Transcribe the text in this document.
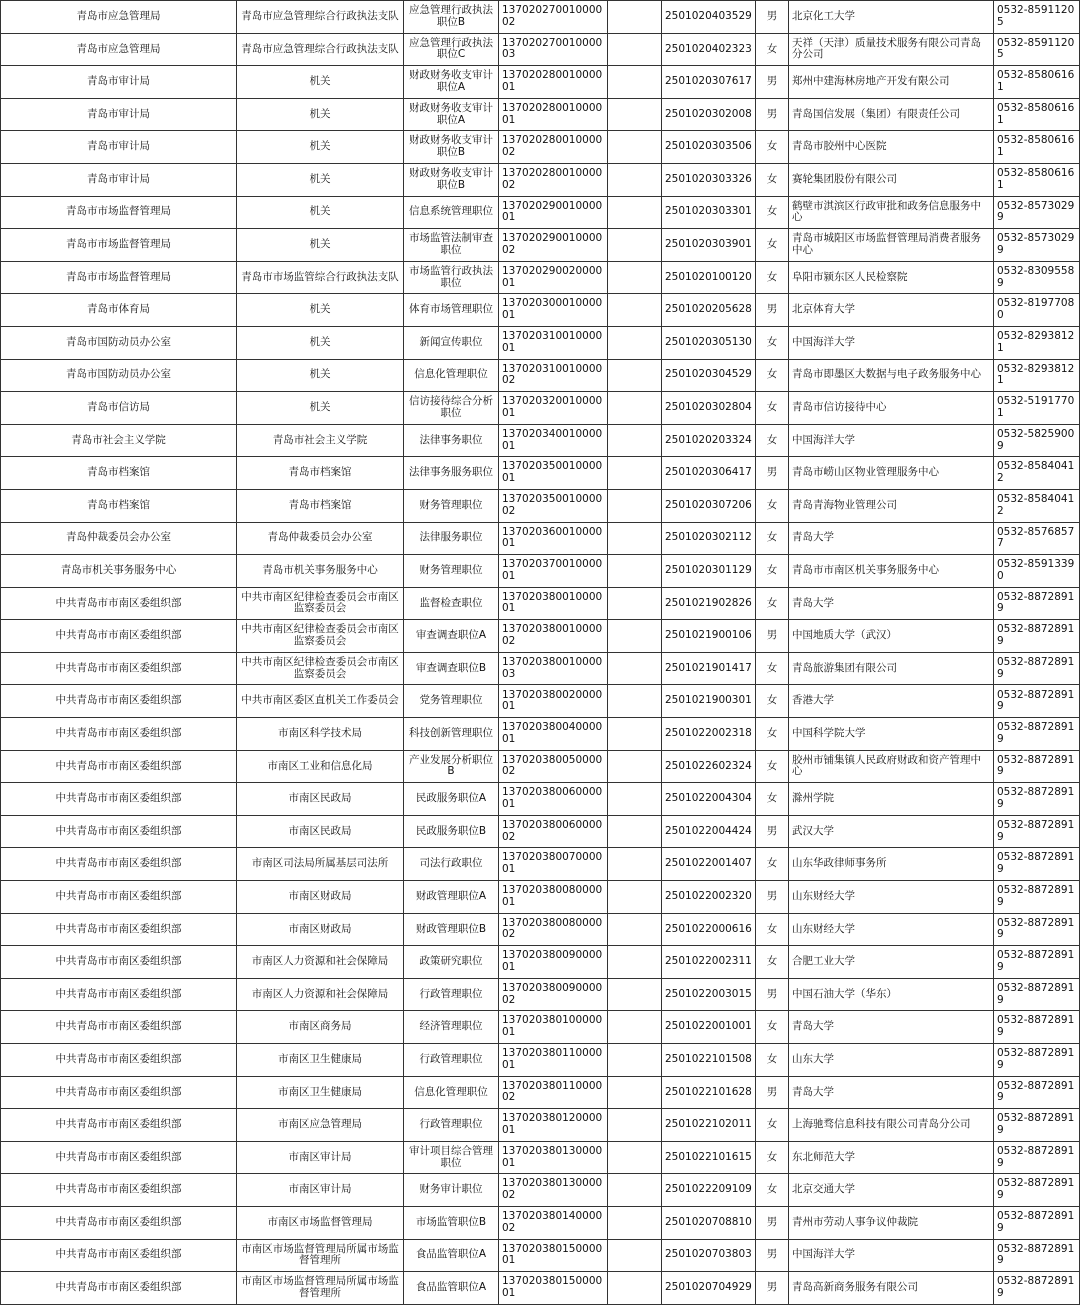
青岛市应急管理局	青岛市应急管理综合行政执法支队	应急管理行政执法职位B	13702027001000002		2501020403529	男	北京化工大学	0532-85911205
青岛市应急管理局	青岛市应急管理综合行政执法支队	应急管理行政执法职位C	13702027001000003		2501020402323	女	天祥（天津）质量技术服务有限公司青岛分公司	0532-85911205
青岛市审计局	机关	财政财务收支审计职位A	13702028001000001		2501020307617	男	郑州中建海林房地产开发有限公司	0532-85806161
青岛市审计局	机关	财政财务收支审计职位A	13702028001000001		2501020302008	男	青岛国信发展（集团）有限责任公司	0532-85806161
青岛市审计局	机关	财政财务收支审计职位B	13702028001000002		2501020303506	女	青岛市胶州中心医院	0532-85806161
青岛市审计局	机关	财政财务收支审计职位B	13702028001000002		2501020303326	女	赛轮集团股份有限公司	0532-85806161
青岛市市场监督管理局	机关	信息系统管理职位	13702029001000001		2501020303301	女	鹤壁市淇滨区行政审批和政务信息服务中心	0532-85730299
青岛市市场监督管理局	机关	市场监管法制审查职位	13702029001000002		2501020303901	女	青岛市城阳区市场监督管理局消费者服务中心	0532-85730299
青岛市市场监督管理局	青岛市市场监管综合行政执法支队	市场监管行政执法职位	13702029002000001		2501020100120	女	阜阳市颍东区人民检察院	0532-83095589
青岛市体育局	机关	体育市场管理职位	13702030001000001		2501020205628	男	北京体育大学	0532-81977080
青岛市国防动员办公室	机关	新闻宣传职位	13702031001000001		2501020305130	女	中国海洋大学	0532-82938121
青岛市国防动员办公室	机关	信息化管理职位	13702031001000002		2501020304529	女	青岛市即墨区大数据与电子政务服务中心	0532-82938121
青岛市信访局	机关	信访接待综合分析职位	13702032001000001		2501020302804	女	青岛市信访接待中心	0532-51917701
青岛市社会主义学院	青岛市社会主义学院	法律事务职位	13702034001000001		2501020203324	女	中国海洋大学	0532-58259009
青岛市档案馆	青岛市档案馆	法律事务服务职位	13702035001000001		2501020306417	男	青岛市崂山区物业管理服务中心	0532-85840412
青岛市档案馆	青岛市档案馆	财务管理职位	13702035001000002		2501020307206	女	青岛青海物业管理公司	0532-85840412
青岛仲裁委员会办公室	青岛仲裁委员会办公室	法律服务职位	13702036001000001		2501020302112	女	青岛大学	0532-85768577
青岛市机关事务服务中心	青岛市机关事务服务中心	财务管理职位	13702037001000001		2501020301129	女	青岛市市南区机关事务服务中心	0532-85913390
中共青岛市市南区委组织部	中共市南区纪律检查委员会市南区监察委员会	监督检查职位	13702038001000001		2501021902826	女	青岛大学	0532-88728919
中共青岛市市南区委组织部	中共市南区纪律检查委员会市南区监察委员会	审查调查职位A	13702038001000002		2501021900106	男	中国地质大学（武汉）	0532-88728919
中共青岛市市南区委组织部	中共市南区纪律检查委员会市南区监察委员会	审查调查职位B	13702038001000003		2501021901417	女	青岛旅游集团有限公司	0532-88728919
中共青岛市市南区委组织部	中共市南区委区直机关工作委员会	党务管理职位	13702038002000001		2501021900301	女	香港大学	0532-88728919
中共青岛市市南区委组织部	市南区科学技术局	科技创新管理职位	13702038004000001		2501022002318	女	中国科学院大学	0532-88728919
中共青岛市市南区委组织部	市南区工业和信息化局	产业发展分析职位B	13702038005000002		2501022602324	女	胶州市铺集镇人民政府财政和资产管理中心	0532-88728919
中共青岛市市南区委组织部	市南区民政局	民政服务职位A	13702038006000001		2501022004304	女	滁州学院	0532-88728919
中共青岛市市南区委组织部	市南区民政局	民政服务职位B	13702038006000002		2501022004424	男	武汉大学	0532-88728919
中共青岛市市南区委组织部	市南区司法局所属基层司法所	司法行政职位	13702038007000001		2501022001407	女	山东华政律师事务所	0532-88728919
中共青岛市市南区委组织部	市南区财政局	财政管理职位A	13702038008000001		2501022002320	男	山东财经大学	0532-88728919
中共青岛市市南区委组织部	市南区财政局	财政管理职位B	13702038008000002		2501022000616	女	山东财经大学	0532-88728919
中共青岛市市南区委组织部	市南区人力资源和社会保障局	政策研究职位	13702038009000001		2501022002311	女	合肥工业大学	0532-88728919
中共青岛市市南区委组织部	市南区人力资源和社会保障局	行政管理职位	13702038009000002		2501022003015	男	中国石油大学（华东）	0532-88728919
中共青岛市市南区委组织部	市南区商务局	经济管理职位	13702038010000001		2501022001001	女	青岛大学	0532-88728919
中共青岛市市南区委组织部	市南区卫生健康局	行政管理职位	13702038011000001		2501022101508	女	山东大学	0532-88728919
中共青岛市市南区委组织部	市南区卫生健康局	信息化管理职位	13702038011000002		2501022101628	男	青岛大学	0532-88728919
中共青岛市市南区委组织部	市南区应急管理局	行政管理职位	13702038012000001		2501022102011	女	上海驰骛信息科技有限公司青岛分公司	0532-88728919
中共青岛市市南区委组织部	市南区审计局	审计项目综合管理职位	13702038013000001		2501022101615	女	东北师范大学	0532-88728919
中共青岛市市南区委组织部	市南区审计局	财务审计职位	13702038013000002		2501022209109	女	北京交通大学	0532-88728919
中共青岛市市南区委组织部	市南区市场监督管理局	市场监管职位B	13702038014000002		2501020708810	男	青州市劳动人事争议仲裁院	0532-88728919
中共青岛市市南区委组织部	市南区市场监督管理局所属市场监督管理所	食品监管职位A	13702038015000001		2501020703803	男	中国海洋大学	0532-88728919
中共青岛市市南区委组织部	市南区市场监督管理局所属市场监督管理所	食品监管职位A	13702038015000001		2501020704929	男	青岛高新商务服务有限公司	0532-88728919
